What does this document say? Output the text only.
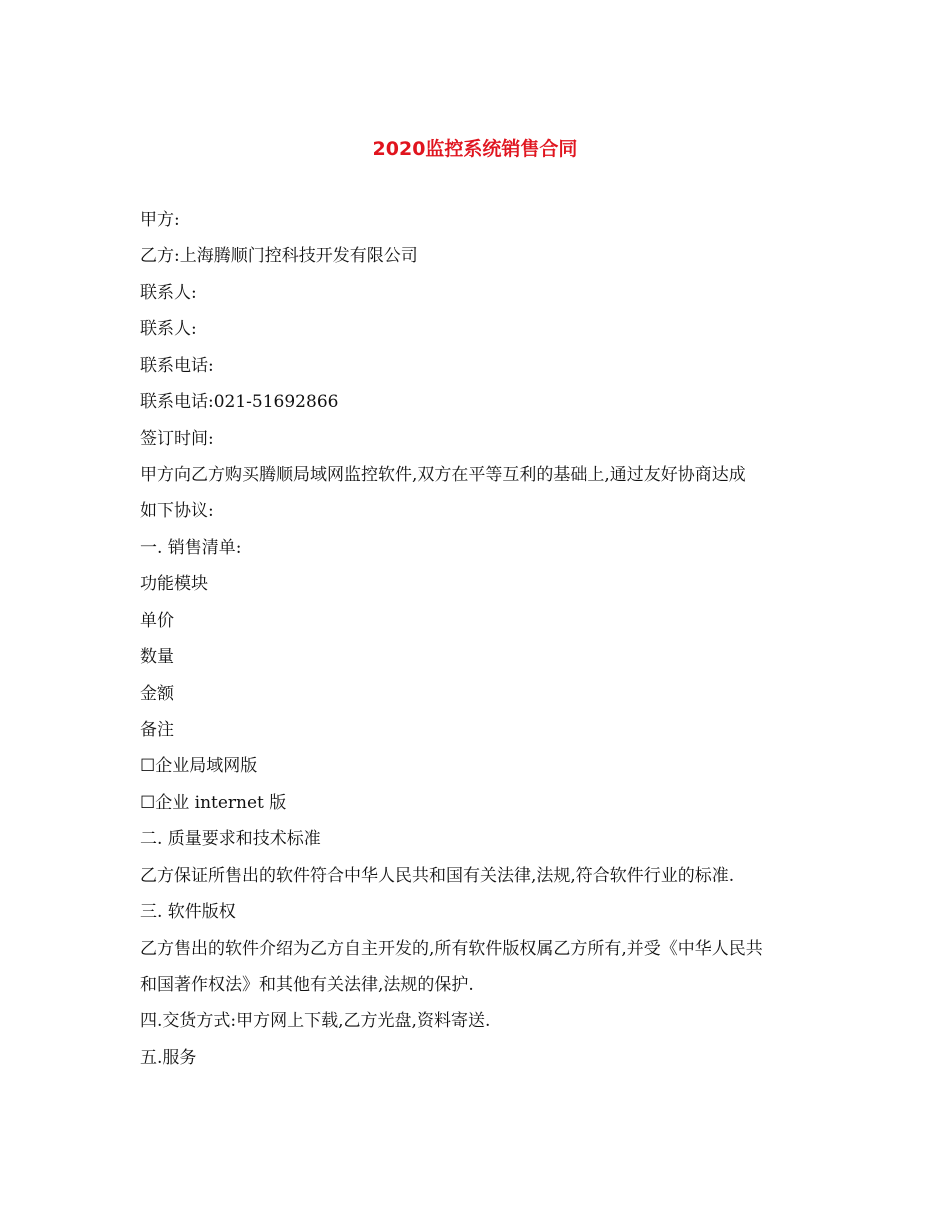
2020监控系统销售合同
甲方:
乙方:上海腾顺门控科技开发有限公司
联系人:
联系人:
联系电话:
联系电话:021-51692866
签订时间:
甲方向乙方购买腾顺局域网监控软件,双方在平等互利的基础上,通过友好协商达成
如下协议:
一. 销售清单:
功能模块
单价
数量
金额
备注
☐企业局域网版
☐企业 internet 版
二. 质量要求和技术标准
乙方保证所售出的软件符合中华人民共和国有关法律,法规,符合软件行业的标准.
三. 软件版权
乙方售出的软件介绍为乙方自主开发的,所有软件版权属乙方所有,并受《中华人民共
和国著作权法》和其他有关法律,法规的保护.
四.交货方式:甲方网上下载,乙方光盘,资料寄送.
五.服务
